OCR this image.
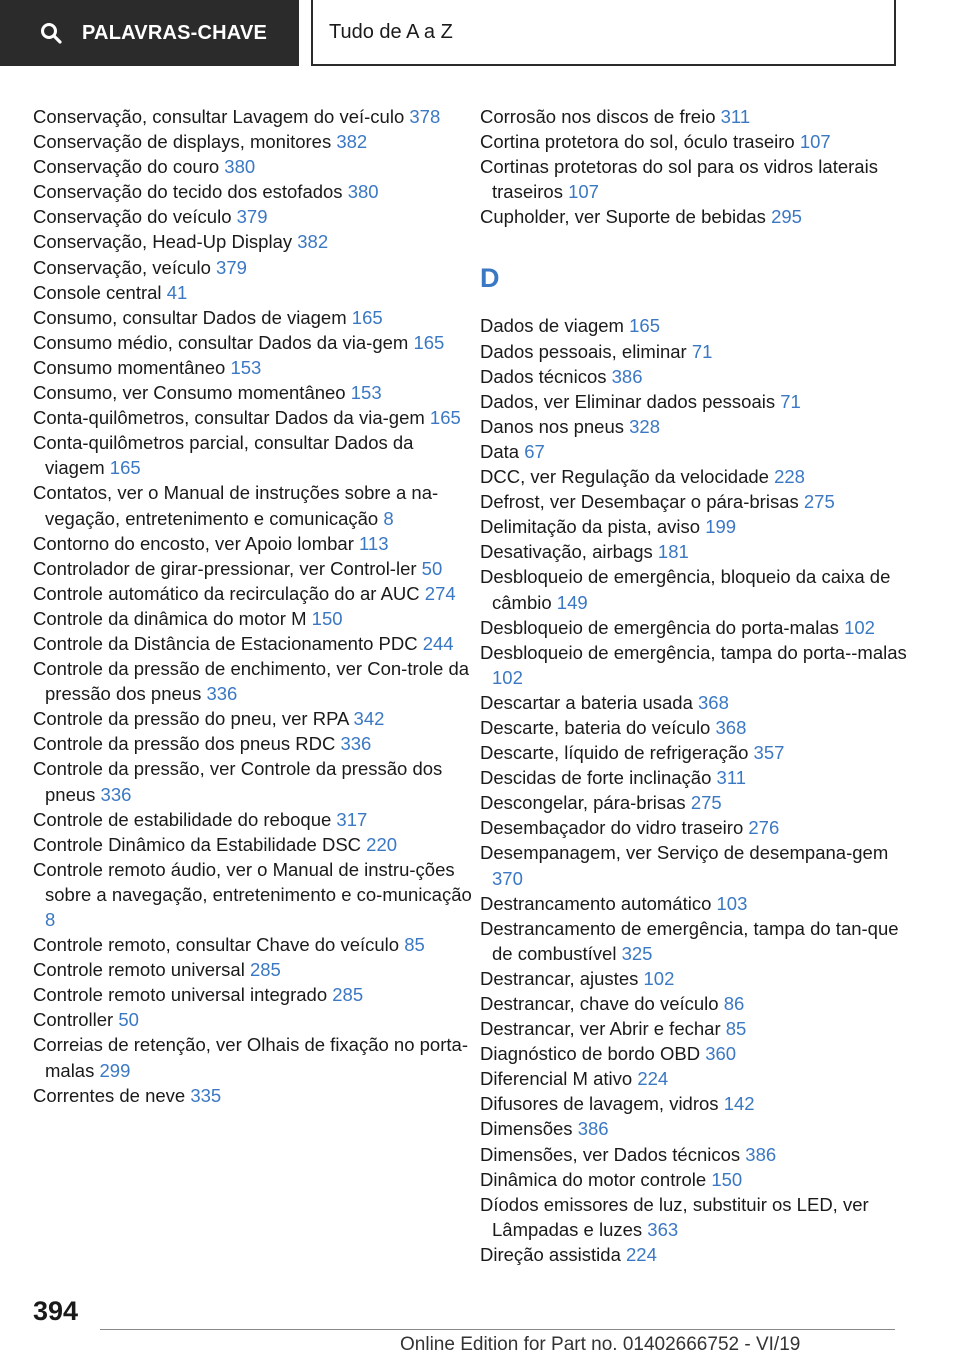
PALAVRAS-CHAVE	Tudo de A a Z
Conservação, consultar Lavagem do veí-culo 378
Conservação de displays, monitores 382
Conservação do couro 380
Conservação do tecido dos estofados 380
Conservação do veículo 379
Conservação, Head-Up Display 382
Conservação, veículo 379
Console central 41
Consumo, consultar Dados de viagem 165
Consumo médio, consultar Dados da via-gem 165
Consumo momentâneo 153
Consumo, ver Consumo momentâneo 153
Conta-quilômetros, consultar Dados da via-gem 165
Conta-quilômetros parcial, consultar Dados da viagem 165
Contatos, ver o Manual de instruções sobre a na-vegação, entretenimento e comunicação 8
Contorno do encosto, ver Apoio lombar 113
Controlador de girar-pressionar, ver Control-ler 50
Controle automático da recirculação do ar AUC 274
Controle da dinâmica do motor M 150
Controle da Distância de Estacionamento PDC 244
Controle da pressão de enchimento, ver Con-trole da pressão dos pneus 336
Controle da pressão do pneu, ver RPA 342
Controle da pressão dos pneus RDC 336
Controle da pressão, ver Controle da pressão dos pneus 336
Controle de estabilidade do reboque 317
Controle Dinâmico da Estabilidade DSC 220
Controle remoto áudio, ver o Manual de instru-ções sobre a navegação, entretenimento e co-municação 8
Controle remoto, consultar Chave do veículo 85
Controle remoto universal 285
Controle remoto universal integrado 285
Controller 50
Correias de retenção, ver Olhais de fixação no porta-malas 299
Correntes de neve 335
Corrosão nos discos de freio 311
Cortina protetora do sol, óculo traseiro 107
Cortinas protetoras do sol para os vidros laterais traseiros 107
Cupholder, ver Suporte de bebidas 295
D
Dados de viagem 165
Dados pessoais, eliminar 71
Dados técnicos 386
Dados, ver Eliminar dados pessoais 71
Danos nos pneus 328
Data 67
DCC, ver Regulação da velocidade 228
Defrost, ver Desembaçar o pára-brisas 275
Delimitação da pista, aviso 199
Desativação, airbags 181
Desbloqueio de emergência, bloqueio da caixa de câmbio 149
Desbloqueio de emergência do porta-malas 102
Desbloqueio de emergência, tampa do porta--malas 102
Descartar a bateria usada 368
Descarte, bateria do veículo 368
Descarte, líquido de refrigeração 357
Descidas de forte inclinação 311
Descongelar, pára-brisas 275
Desembaçador do vidro traseiro 276
Desempanagem, ver Serviço de desempana-gem 370
Destrancamento automático 103
Destrancamento de emergência, tampa do tan-que de combustível 325
Destrancar, ajustes 102
Destrancar, chave do veículo 86
Destrancar, ver Abrir e fechar 85
Diagnóstico de bordo OBD 360
Diferencial M ativo 224
Difusores de lavagem, vidros 142
Dimensões 386
Dimensões, ver Dados técnicos 386
Dinâmica do motor controle 150
Díodos emissores de luz, substituir os LED, ver Lâmpadas e luzes 363
Direção assistida 224
394
Online Edition for Part no. 01402666752 - VI/19
